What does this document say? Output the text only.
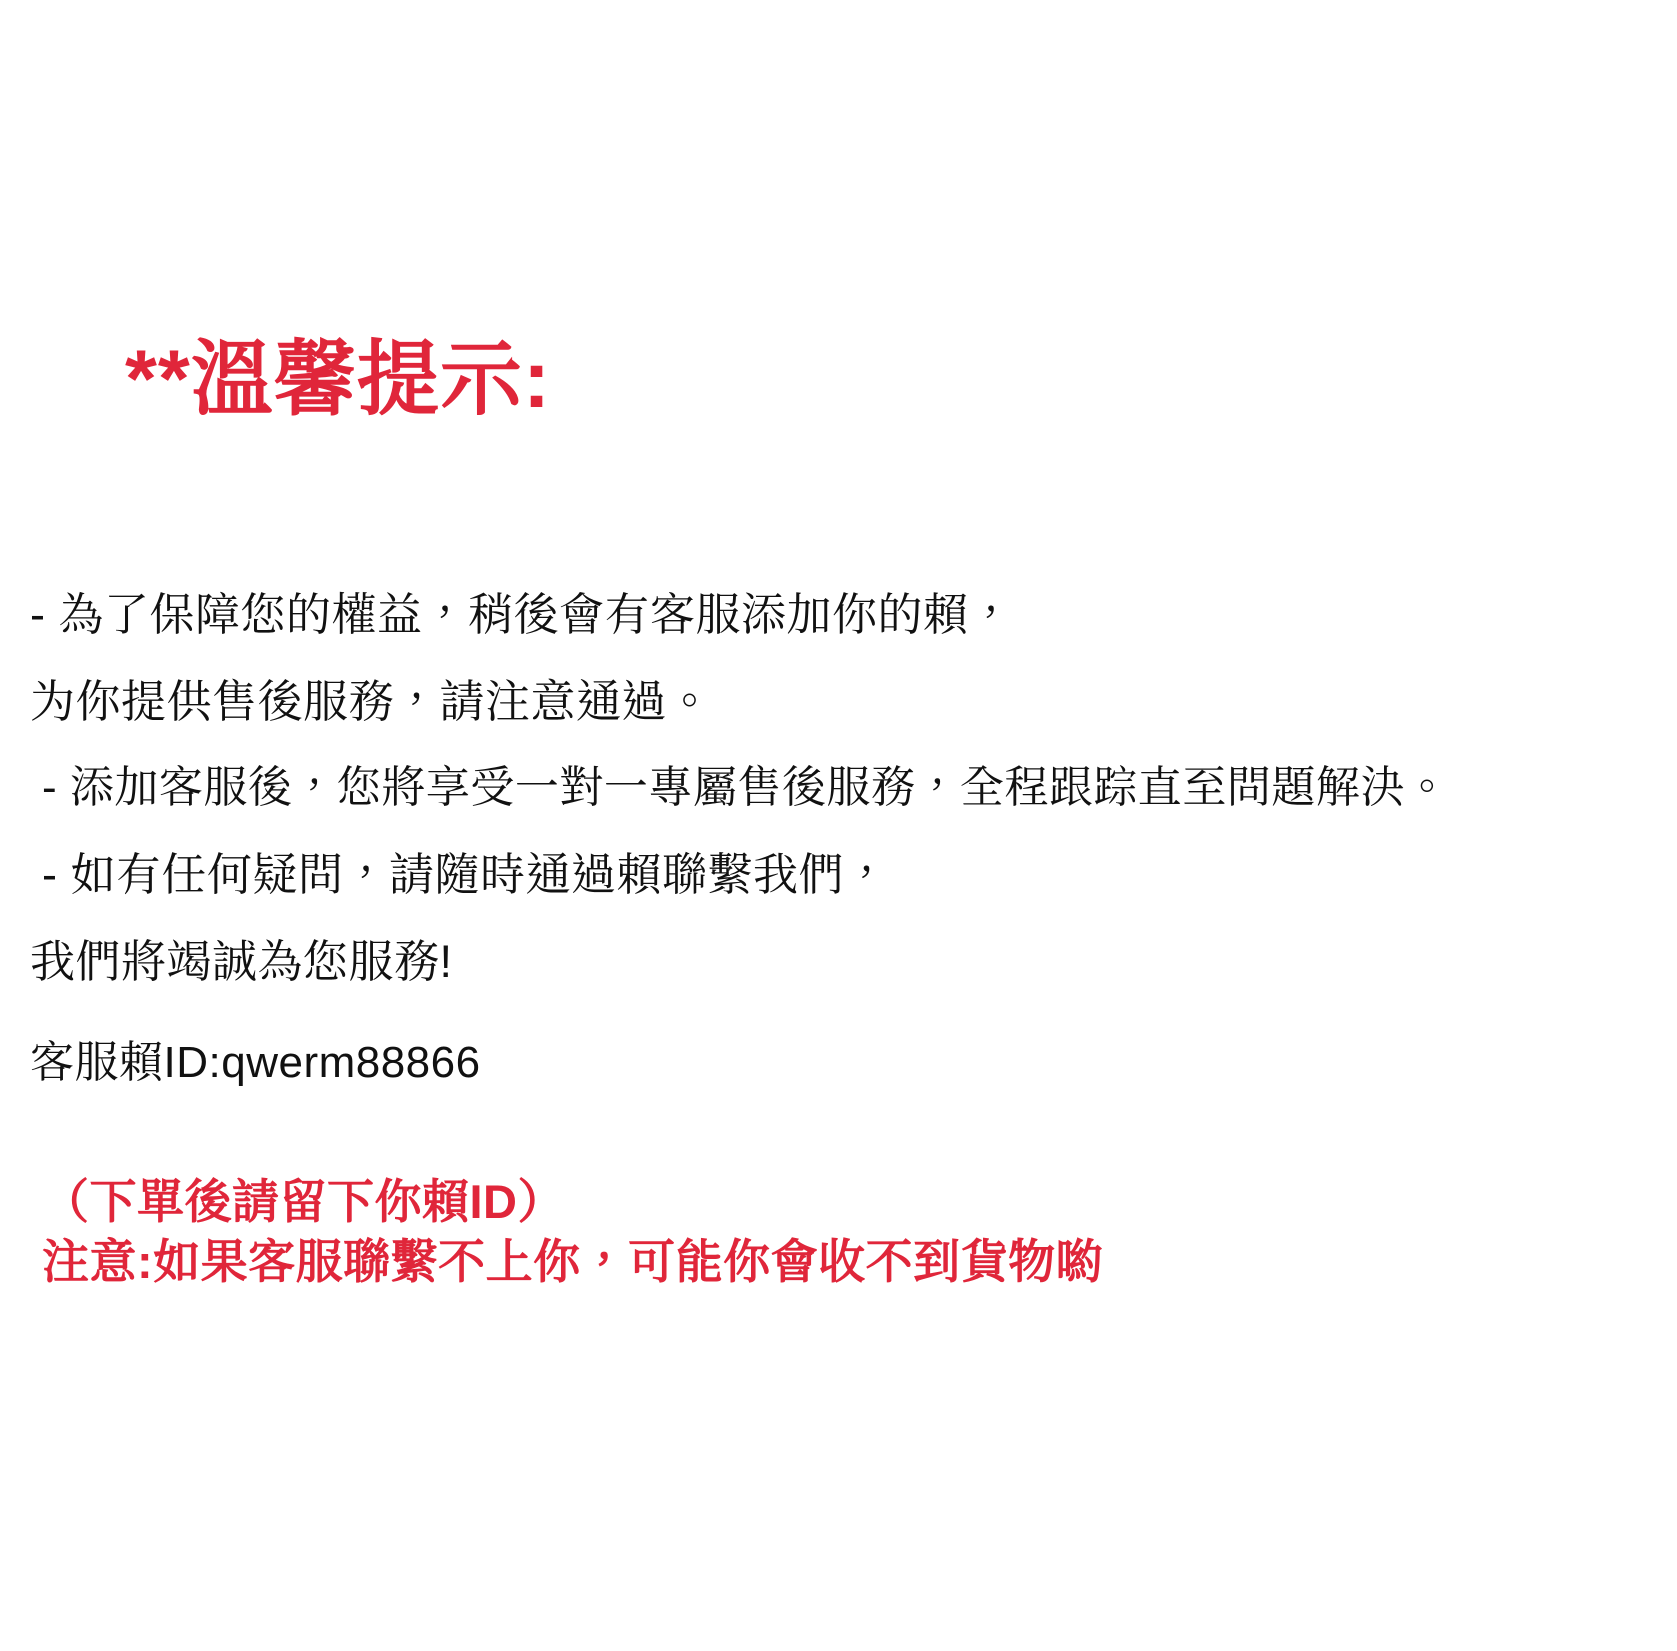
**溫馨提示:
- 為了保障您的權益，稍後會有客服添加你的賴，
为你提供售後服務，請注意通過。
- 添加客服後，您將享受一對一專屬售後服務，全程跟踪直至問題解決。
- 如有任何疑問，請隨時通過賴聯繫我們，
我們將竭誠為您服務!
客服賴ID:qwerm88866
（下單後請留下你賴ID）
注意:如果客服聯繫不上你，可能你會收不到貨物喲
